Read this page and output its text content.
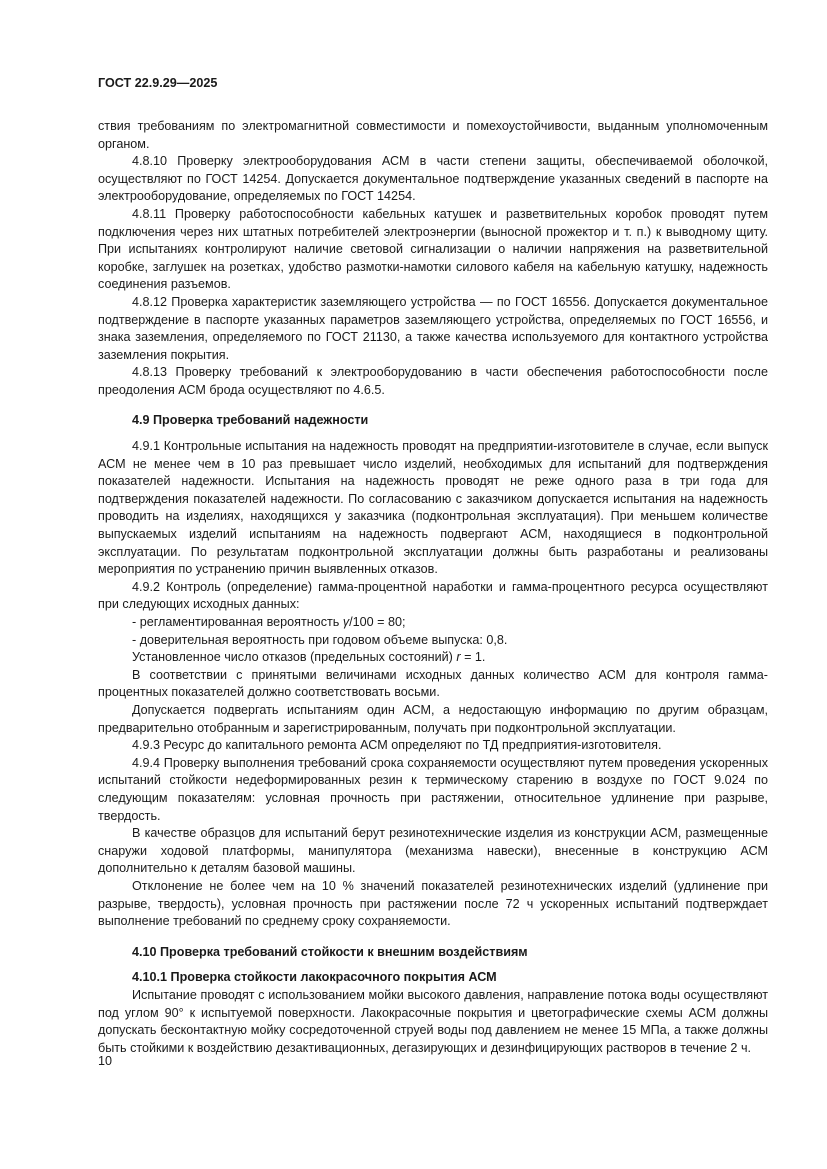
ГОСТ 22.9.29—2025

ствия требованиям по электромагнитной совместимости и помехоустойчивости, выданным уполномоченным органом.

4.8.10 Проверку электрооборудования АСМ в части степени защиты, обеспечиваемой оболочкой, осуществляют по ГОСТ 14254. Допускается документальное подтверждение указанных сведений в паспорте на электрооборудование, определяемых по ГОСТ 14254.

4.8.11 Проверку работоспособности кабельных катушек и разветвительных коробок проводят путем подключения через них штатных потребителей электроэнергии (выносной прожектор и т. п.) к выводному щиту. При испытаниях контролируют наличие световой сигнализации о наличии напряжения на разветвительной коробке, заглушек на розетках, удобство размотки-намотки силового кабеля на кабельную катушку, надежность соединения разъемов.

4.8.12 Проверка характеристик заземляющего устройства — по ГОСТ 16556. Допускается документальное подтверждение в паспорте указанных параметров заземляющего устройства, определяемых по ГОСТ 16556, и знака заземления, определяемого по ГОСТ 21130, а также качества используемого для контактного устройства заземления покрытия.

4.8.13 Проверку требований к электрооборудованию в части обеспечения работоспособности после преодоления АСМ брода осуществляют по 4.6.5.

4.9 Проверка требований надежности

4.9.1 Контрольные испытания на надежность проводят на предприятии-изготовителе в случае, если выпуск АСМ не менее чем в 10 раз превышает число изделий, необходимых для испытаний для подтверждения показателей надежности. Испытания на надежность проводят не реже одного раза в три года для подтверждения показателей надежности. По согласованию с заказчиком допускается испытания на надежность проводить на изделиях, находящихся у заказчика (подконтрольная эксплуатация). При меньшем количестве выпускаемых изделий испытаниям на надежность подвергают АСМ, находящиеся в подконтрольной эксплуатации. По результатам подконтрольной эксплуатации должны быть разработаны и реализованы мероприятия по устранению причин выявленных отказов.

4.9.2 Контроль (определение) гамма-процентной наработки и гамма-процентного ресурса осуществляют при следующих исходных данных:

- регламентированная вероятность γ/100 = 80;

- доверительная вероятность при годовом объеме выпуска: 0,8.

Установленное число отказов (предельных состояний) r = 1.

В соответствии с принятыми величинами исходных данных количество АСМ для контроля гамма-процентных показателей должно соответствовать восьми.

Допускается подвергать испытаниям один АСМ, а недостающую информацию по другим образцам, предварительно отобранным и зарегистрированным, получать при подконтрольной эксплуатации.

4.9.3 Ресурс до капитального ремонта АСМ определяют по ТД предприятия-изготовителя.

4.9.4 Проверку выполнения требований срока сохраняемости осуществляют путем проведения ускоренных испытаний стойкости недеформированных резин к термическому старению в воздухе по ГОСТ 9.024 по следующим показателям: условная прочность при растяжении, относительное удлинение при разрыве, твердость.

В качестве образцов для испытаний берут резинотехнические изделия из конструкции АСМ, размещенные снаружи ходовой платформы, манипулятора (механизма навески), внесенные в конструкцию АСМ дополнительно к деталям базовой машины.

Отклонение не более чем на 10 % значений показателей резинотехнических изделий (удлинение при разрыве, твердость), условная прочность при растяжении после 72 ч ускоренных испытаний подтверждает выполнение требований по среднему сроку сохраняемости.

4.10 Проверка требований стойкости к внешним воздействиям
4.10.1 Проверка стойкости лакокрасочного покрытия АСМ

Испытание проводят с использованием мойки высокого давления, направление потока воды осуществляют под углом 90° к испытуемой поверхности. Лакокрасочные покрытия и цветографические схемы АСМ должны допускать бесконтактную мойку сосредоточенной струей воды под давлением не менее 15 МПа, а также должны быть стойкими к воздействию дезактивационных, дегазирующих и дезинфицирующих растворов в течение 2 ч.

10
